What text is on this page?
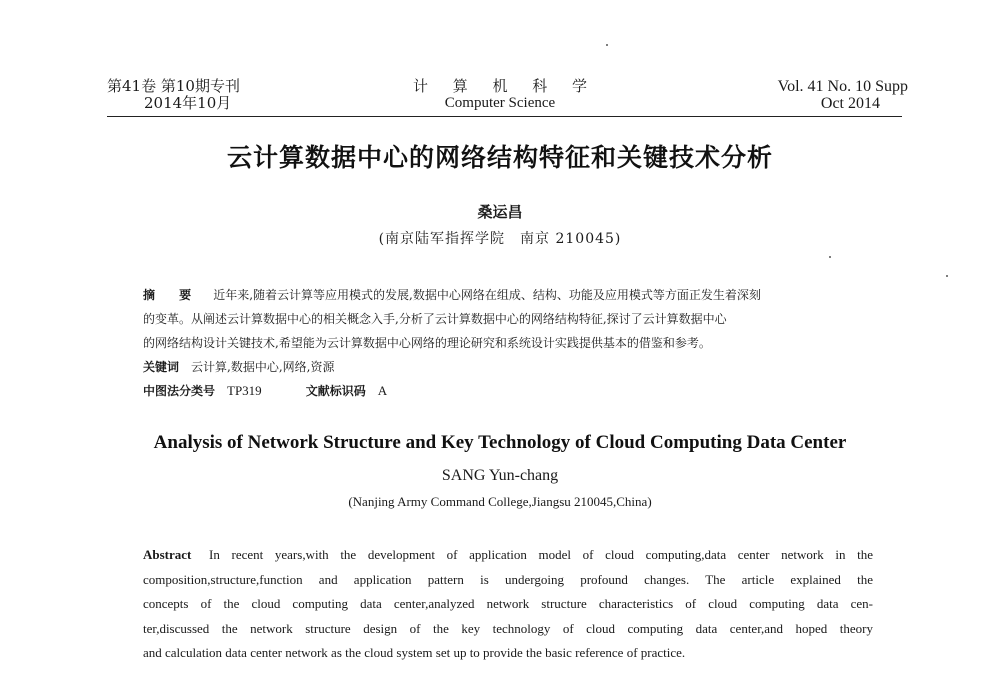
第41卷 第10期专刊
2014年10月
计 算 机 科 学
Computer Science
Vol. 41 No. 10 Supp
Oct 2014
云计算数据中心的网络结构特征和关键技术分析
桑运昌
(南京陆军指挥学院　南京 210045)
摘 要 近年来,随着云计算等应用模式的发展,数据中心网络在组成、结构、功能及应用模式等方面正发生着深刻
的变革。从阐述云计算数据中心的相关概念入手,分析了云计算数据中心的网络结构特征,探讨了云计算数据中心
的网络结构设计关键技术,希望能为云计算数据中心网络的理论研究和系统设计实践提供基本的借鉴和参考。
关键词 云计算,数据中心,网络,资源
中图法分类号 TP319	文献标识码 A
Analysis of Network Structure and Key Technology of Cloud Computing Data Center
SANG Yun-chang
(Nanjing Army Command College,Jiangsu 210045,China)
Abstract In recent years,with the development of application model of cloud computing,data center network in the
composition,structure,function and application pattern is undergoing profound changes. The article explained the
concepts of the cloud computing data center,analyzed network structure characteristics of cloud computing data cen-
ter,discussed the network structure design of the key technology of cloud computing data center,and hoped theory
and calculation data center network as the cloud system set up to provide the basic reference of practice.
